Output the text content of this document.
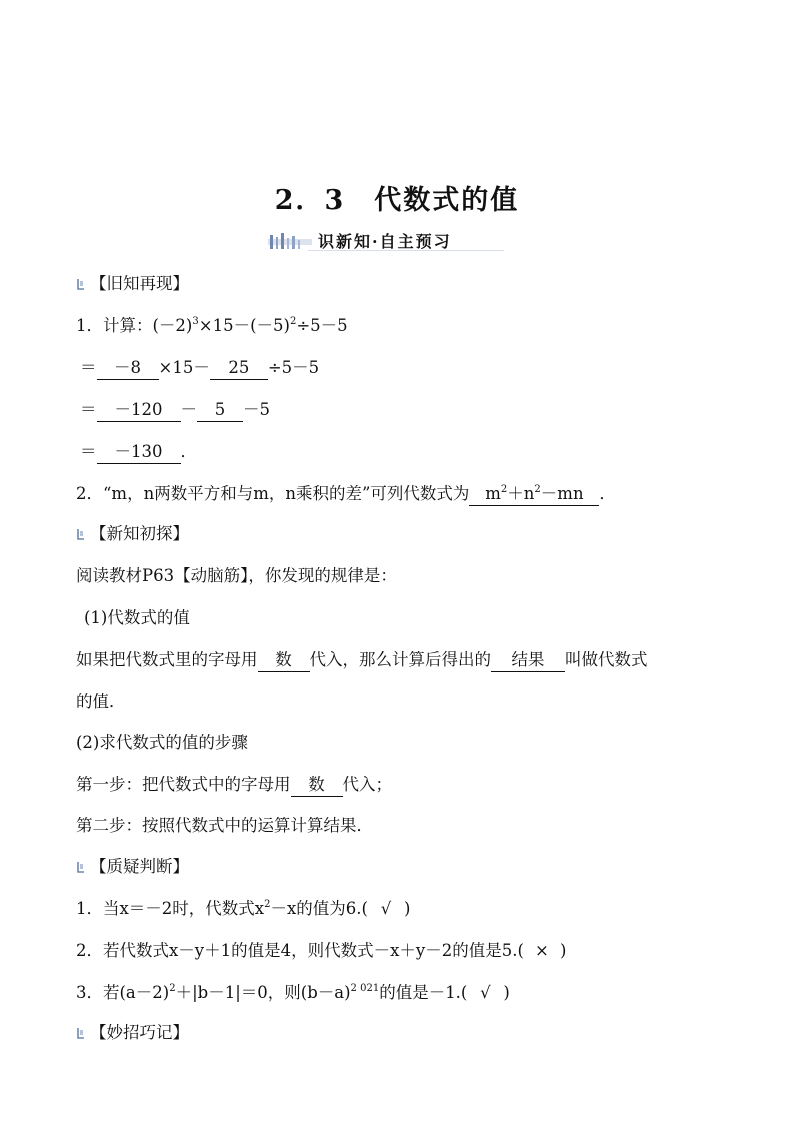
2．3　代数式的值
识新知·自主预习
【旧知再现】
1．计算：$(-2)^3\times 15-(-5)^2\div 5-5$
＝ －8 ×15－ 25 ÷5－5
＝ －120 － 5 －5
＝ －130 ．
2．“m，n两数平方和与m，n乘积的差”可列代数式为 $m^2+n^2-mn$ ．
【新知初探】
阅读教材P63【动脑筋】，你发现的规律是：
(1)代数式的值
如果把代数式里的字母用 数 代入，那么计算后得出的 结果 叫做代数式
的值．
(2)求代数式的值的步骤
第一步：把代数式中的字母用 数 代入；
第二步：按照代数式中的运算计算结果．
【质疑判断】
1．当x＝－2时，代数式$x^2-x$的值为6.( √ )
2．若代数式x－y＋1的值是4，则代数式－x＋y－2的值是5.( × )
3．若$(a-2)^2+|b-1|=0$，则$(b-a)^{2 021}$的值是－1.( √ )
【妙招巧记】
